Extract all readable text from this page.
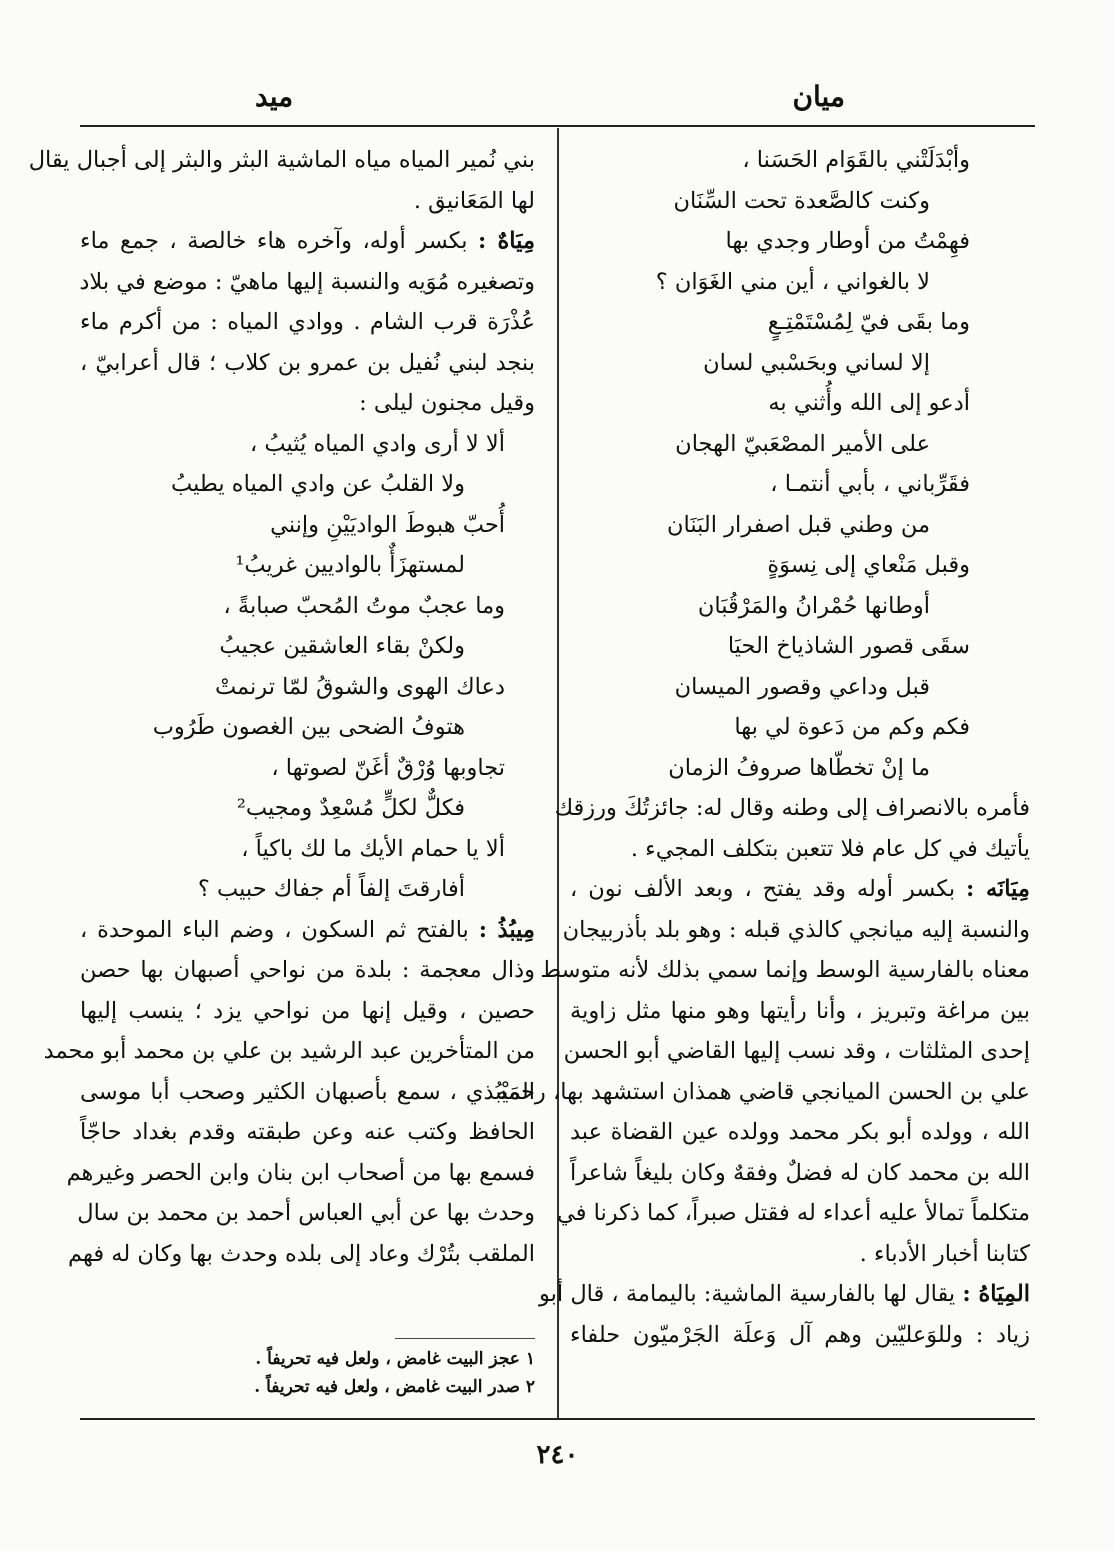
ميان
ميد
وأبْدَلَتْني بالقَوَام الحَسَنا ،
وكنت كالصَّعدة تحت السِّنَان
فهِمْتُ من أوطار وجدي بها
لا بالغواني ، أين مني الغَوَان ؟
وما بقَى فيّ لِمُسْتَمْتِـعٍ
إلا لساني وبحَسْبي لسان
أدعو إلى الله وأُثني به
على الأمير المصْعَبيّ الهجان
فقَرِّباني ، بأبي أنتمـا ،
من وطني قبل اصفرار البَنَان
وقبل مَنْعاي إلى نِسوَةٍ
أوطانها حُمْرانُ والمَرْقُبَان
سقَى قصور الشاذياخ الحيَا
قبل وداعي وقصور الميسان
فكم وكم من دَعوة لي بها
ما إنْ تخطّاها صروفُ الزمان
فأمره بالانصراف إلى وطنه وقال له: جائزتُكَ ورزقك
يأتيك في كل عام فلا تتعبن بتكلف المجيء .
مِيَانَه : بكسر أوله وقد يفتح ، وبعد الألف نون ،
والنسبة إليه ميانجي كالذي قبله : وهو بلد بأذربيجان
معناه بالفارسية الوسط وإنما سمي بذلك لأنه متوسط
بين مراغة وتبريز ، وأنا رأيتها وهو منها مثل زاوية
إحدى المثلثات ، وقد نسب إليها القاضي أبو الحسن
علي بن الحسن الميانجي قاضي همذان استشهد بها، رحمه
الله ، وولده أبو بكر محمد وولده عين القضاة عبد
الله بن محمد كان له فضلٌ وفقهٌ وكان بليغاً شاعراً
متكلماً تمالأ عليه أعداء له فقتل صبراً، كما ذكرنا في
كتابنا أخبار الأدباء .
المِيَاهُ : يقال لها بالفارسية الماشية: باليمامة ، قال أبو
زياد : وللوَعليّين وهم آل وَعلَة الجَرْميّون حلفاء
بني نُمير المياه مياه الماشية البثر والبثر إلى أجبال يقال
لها المَعَانيق .
مِيَاهٌ : بكسر أوله، وآخره هاء خالصة ، جمع ماء
وتصغيره مُوَيه والنسبة إليها ماهيّ : موضع في بلاد
عُذْرَة قرب الشام . ووادي المياه : من أكرم ماء
بنجد لبني نُفيل بن عمرو بن كلاب ؛ قال أعرابيّ ،
وقيل مجنون ليلى :
ألا لا أرى وادي المياه يُثيبُ ،
ولا القلبُ عن وادي المياه يطيبُ
أُحبّ هبوطَ الواديَيْنِ وإنني
لمستهزَأٌ بالواديين غريبُ¹
وما عجبٌ موتُ المُحبّ صبابةً ،
ولكنْ بقاء العاشقين عجيبُ
دعاك الهوى والشوقُ لمّا ترنمتْ
هتوفُ الضحى بين الغصون طَرُوب
تجاوبها وُرْقٌ أغَنّ لصوتها ،
فكلٌّ لكلٍّ مُسْعِدٌ ومجيب²
ألا يا حمام الأيك ما لك باكياً ،
أفارقتَ إلفاً أم جفاك حبيب ؟
مِيبُذُ : بالفتح ثم السكون ، وضم الباء الموحدة ،
وذال معجمة : بلدة من نواحي أصبهان بها حصن
حصين ، وقيل إنها من نواحي يزد ؛ ينسب إليها
من المتأخرين عبد الرشيد بن علي بن محمد أبو محمد
المَيْبُذي ، سمع بأصبهان الكثير وصحب أبا موسى
الحافظ وكتب عنه وعن طبقته وقدم بغداد حاجّاً
فسمع بها من أصحاب ابن بنان وابن الحصر وغيرهم
وحدث بها عن أبي العباس أحمد بن محمد بن سال
الملقب بتُرْك وعاد إلى بلده وحدث بها وكان له فهم
١ عجز البيت غامض ، ولعل فيه تحريفاً .
٢ صدر البيت غامض ، ولعل فيه تحريفاً .
٢٤٠
